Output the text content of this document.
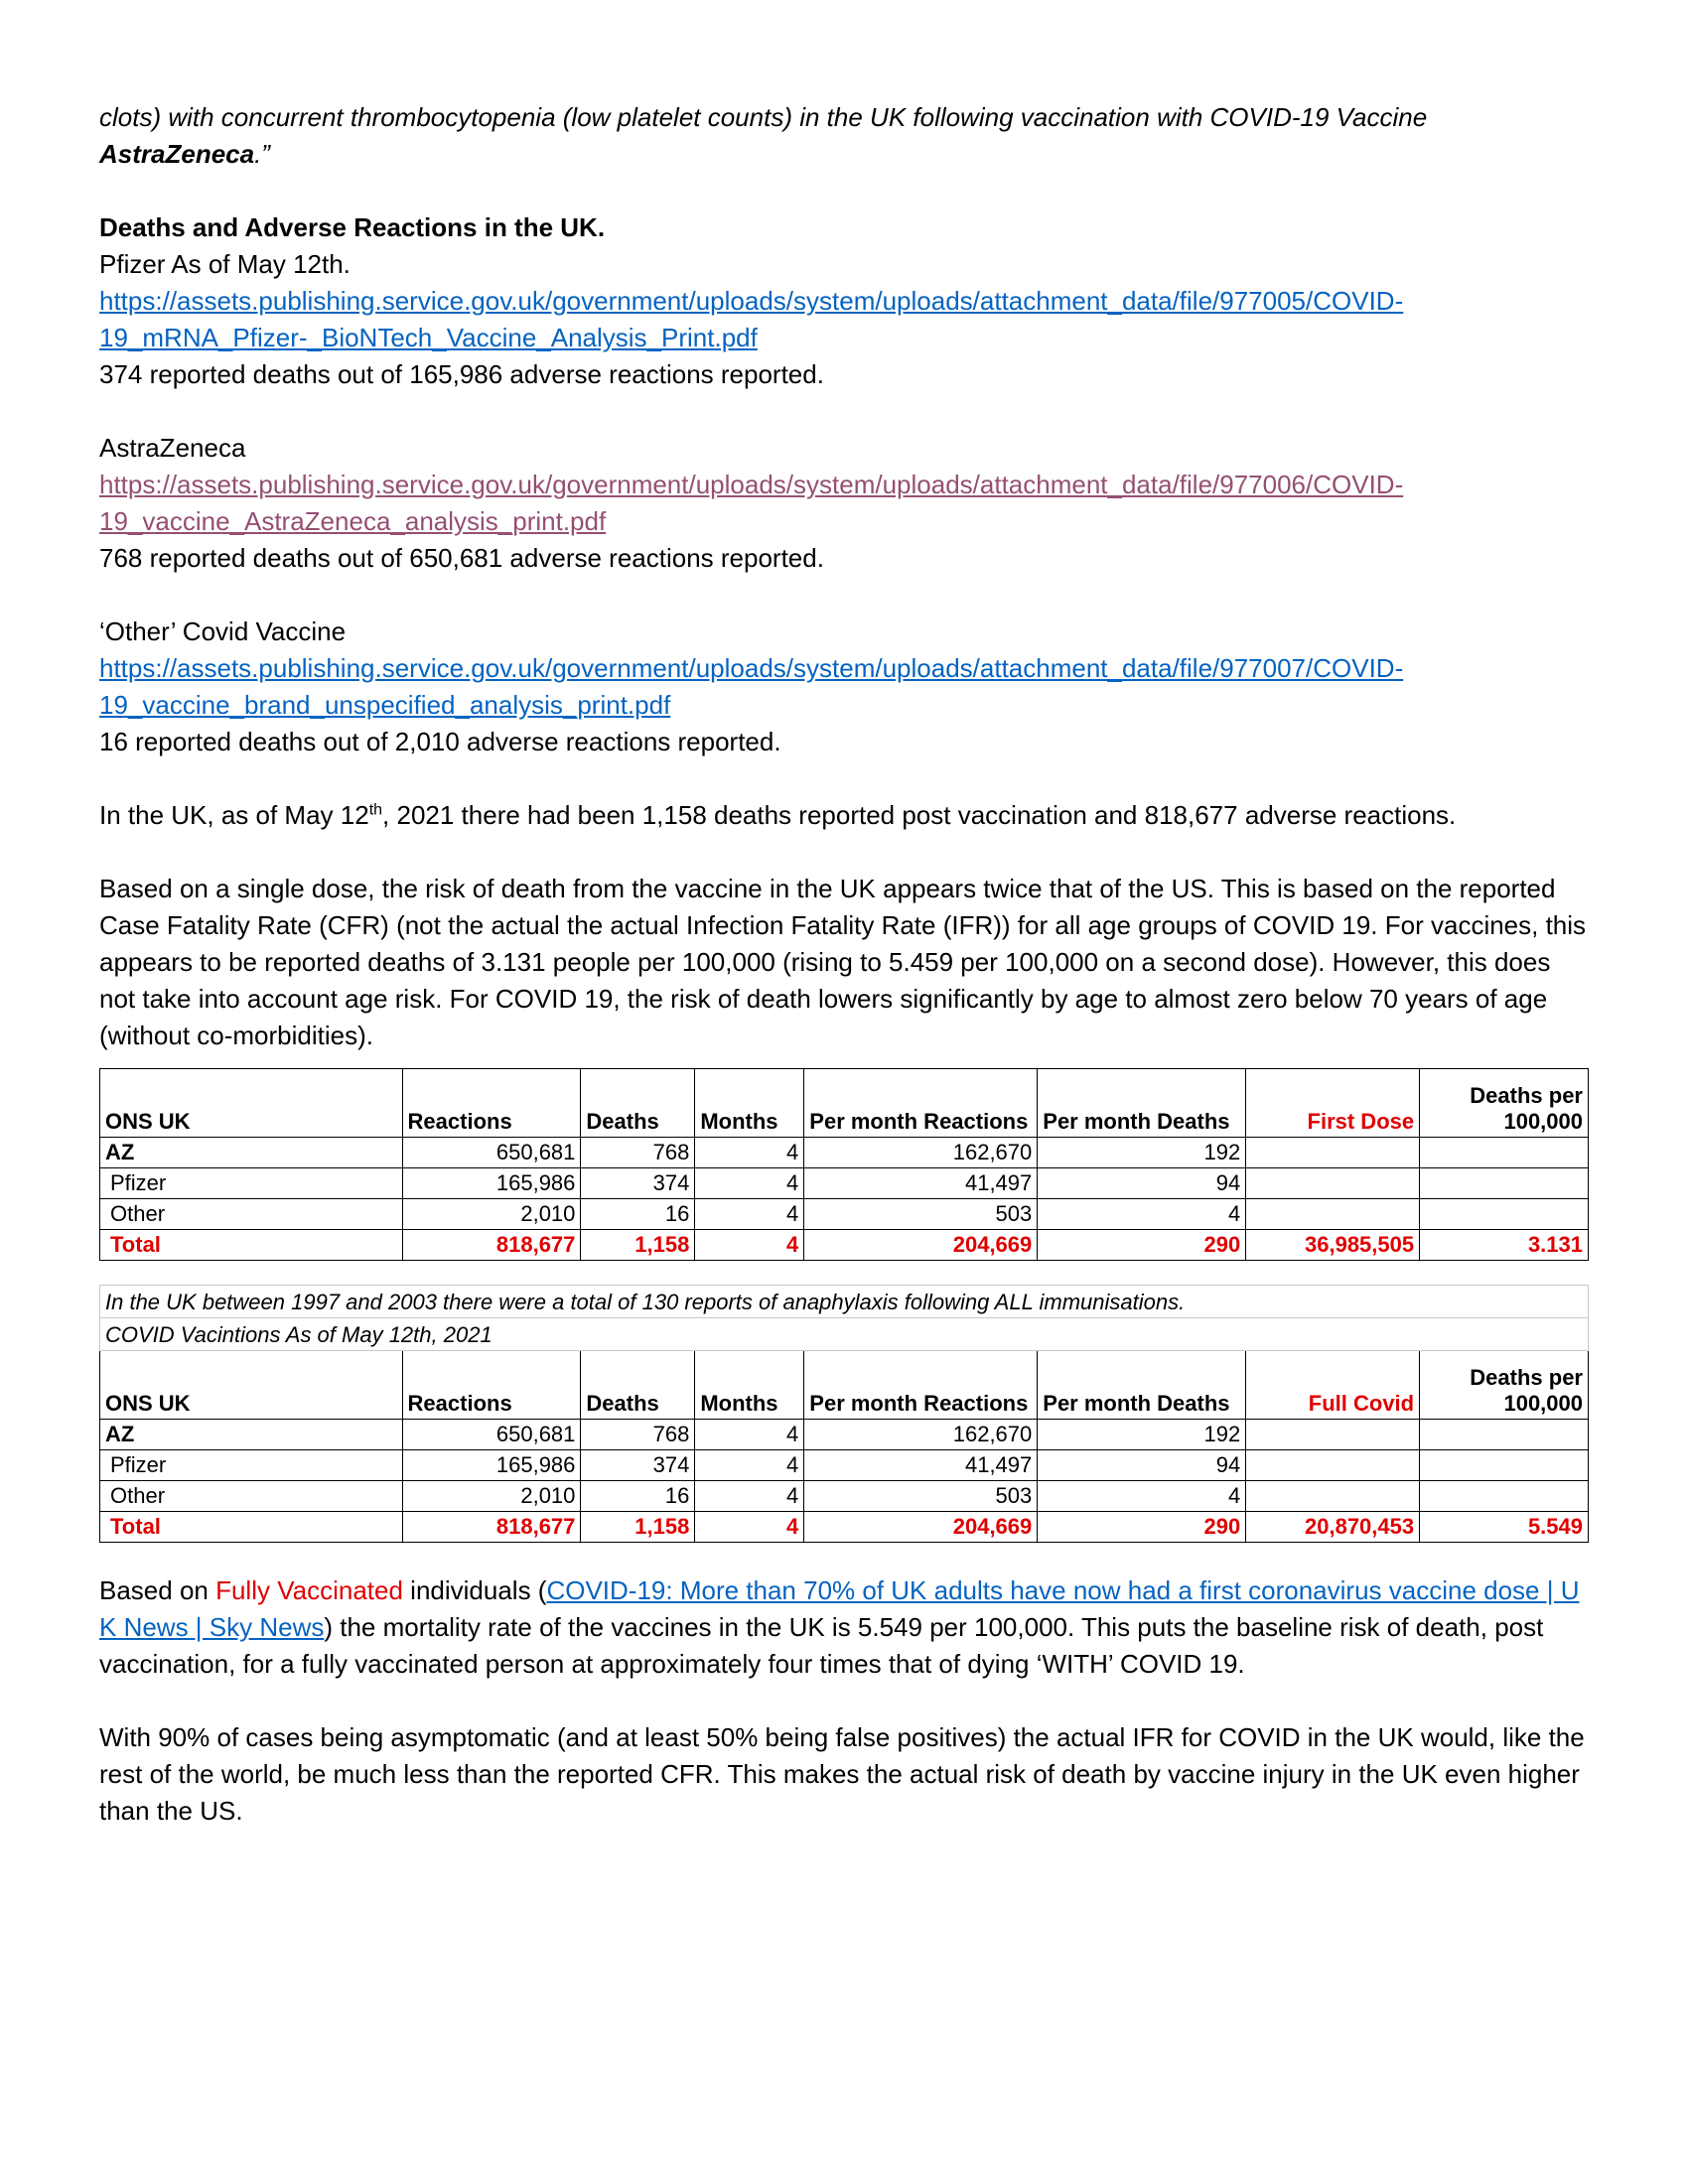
clots) with concurrent thrombocytopenia (low platelet counts) in the UK following vaccination with COVID-19 Vaccine AstraZeneca.”

Deaths and Adverse Reactions in the UK.

Pfizer As of May 12th.

https://assets.publishing.service.gov.uk/government/uploads/system/uploads/attachment_data/file/977005/COVID-
19_mRNA_Pfizer-_BioNTech_Vaccine_Analysis_Print.pdf

374 reported deaths out of 165,986 adverse reactions reported.

AstraZeneca

https://assets.publishing.service.gov.uk/government/uploads/system/uploads/attachment_data/file/977006/COVID-
19_vaccine_AstraZeneca_analysis_print.pdf

768 reported deaths out of 650,681 adverse reactions reported.

‘Other’ Covid Vaccine

https://assets.publishing.service.gov.uk/government/uploads/system/uploads/attachment_data/file/977007/COVID-
19_vaccine_brand_unspecified_analysis_print.pdf

16 reported deaths out of 2,010 adverse reactions reported.

In the UK, as of May 12th, 2021 there had been 1,158 deaths reported post vaccination and 818,677 adverse reactions.

Based on a single dose, the risk of death from the vaccine in the UK appears twice that of the US. This is based on the reported Case Fatality Rate (CFR) (not the actual the actual Infection Fatality Rate (IFR)) for all age groups of COVID 19. For vaccines, this appears to be reported deaths of 3.131 people per 100,000 (rising to 5.459 per 100,000 on a second dose). However, this does not take into account age risk. For COVID 19, the risk of death lowers significantly by age to almost zero below 70 years of age (without co-morbidities).

ONS UK	Reactions	Deaths	Months	Per month Reactions	Per month Deaths	First Dose	Deaths per 100,000
AZ	650,681	768	4	162,670	192		
Pfizer	165,986	374	4	41,497	94		
Other	2,010	16	4	503	4		
Total	818,677	1,158	4	204,669	290	36,985,505	3.131
In the UK between 1997 and 2003 there were a total of 130 reports of anaphylaxis following ALL immunisations.							
COVID Vacintions As of May 12th, 2021							
ONS UK	Reactions	Deaths	Months	Per month Reactions	Per month Deaths	Full Covid	Deaths per 100,000
AZ	650,681	768	4	162,670	192		
Pfizer	165,986	374	4	41,497	94		
Other	2,010	16	4	503	4		
Total	818,677	1,158	4	204,669	290	20,870,453	5.549

Based on Fully Vaccinated individuals (COVID-19: More than 70% of UK adults have now had a first coronavirus vaccine dose | UK News | Sky News) the mortality rate of the vaccines in the UK is 5.549 per 100,000. This puts the baseline risk of death, post vaccination, for a fully vaccinated person at approximately four times that of dying ‘WITH’ COVID 19.

With 90% of cases being asymptomatic (and at least 50% being false positives) the actual IFR for COVID in the UK would, like the rest of the world, be much less than the reported CFR. This makes the actual risk of death by vaccine injury in the UK even higher than the US.
